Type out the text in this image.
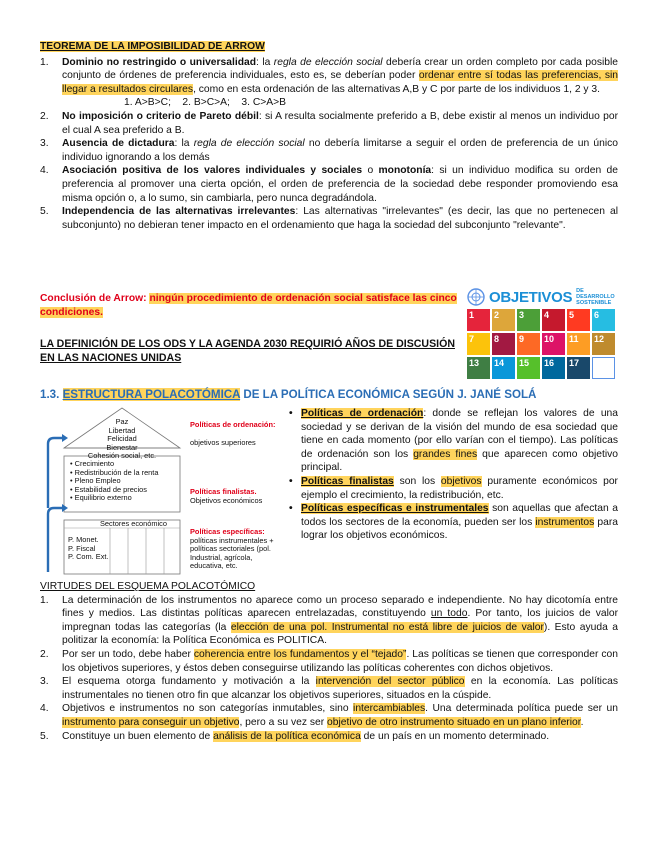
TEOREMA DE LA IMPOSIBILIDAD DE ARROW
1. Dominio no restringido o universalidad: la regla de elección social debería crear un orden completo por cada posible conjunto de órdenes de preferencia individuales, esto es, se deberían poder ordenar entre sí todas las preferencias, sin llegar a resultados circulares, como en esta ordenación de las alternativas A,B y C por parte de los individuos 1, 2 y 3.
1. A>B>C; 2. B>C>A; 3. C>A>B
2. No imposición o criterio de Pareto débil: si A resulta socialmente preferido a B, debe existir al menos un individuo por el cual A sea preferido a B.
3. Ausencia de dictadura: la regla de elección social no debería limitarse a seguir el orden de preferencia de un único individuo ignorando a los demás
4. Asociación positiva de los valores individuales y sociales o monotonía: si un individuo modifica su orden de preferencia al promover una cierta opción, el orden de preferencia de la sociedad debe responder promoviendo esa misma opción o, a lo sumo, sin cambiarla, pero nunca degradándola.
5. Independencia de las alternativas irrelevantes: Las alternativas "irrelevantes" (es decir, las que no pertenecen al subconjunto) no debieran tener impacto en el ordenamiento que haga la sociedad del subconjunto "relevante".
Conclusión de Arrow: ningún procedimiento de ordenación social satisface las cinco condiciones.
LA DEFINICIÓN DE LOS ODS Y LA AGENDA 2030 REQUIRIÓ AÑOS DE DISCUSIÓN EN LAS NACIONES UNIDAS
OBJETIVOS DE DESARROLLO SOSTENIBLE
1	2	3	4	5	6
7	8	9	10	11	12
13	14	15	16	17
1.3. ESTRUCTURA POLACOTÓMICA DE LA POLÍTICA ECONÓMICA SEGÚN J. JANÉ SOLÁ
Paz
Libertad
Felicidad
Bienestar
Cohesión social, etc.
• Crecimiento
• Redistribución de la renta
• Pleno Empleo
• Estabilidad de precios
• Equilibrio externo
Sectores económico
P. Monet.
P. Fiscal
P. Com. Ext.
Políticas de ordenación: objetivos superiores
Políticas finalistas.
Objetivos económicos
Políticas específicas:
políticas instrumentales + políticas sectoriales (pol. Industrial, agrícola, educativa, etc.
• Políticas de ordenación: donde se reflejan los valores de una sociedad y se derivan de la visión del mundo de esa sociedad que tiene en cada momento (por ello varían con el tiempo). Las políticas de ordenación son los grandes fines que aparecen como objetivo principal.
• Políticas finalistas son los objetivos puramente económicos por ejemplo el crecimiento, la redistribución, etc.
• Políticas específicas e instrumentales son aquellas que afectan a todos los sectores de la economía, pueden ser los instrumentos para lograr los objetivos económicos.
VIRTUDES DEL ESQUEMA POLACOTÓMICO
1. La determinación de los instrumentos no aparece como un proceso separado e independiente. No hay dicotomía entre fines y medios. Las distintas políticas aparecen entrelazadas, constituyendo un todo. Por tanto, los juicios de valor impregnan todas las categorías (la elección de una pol. Instrumental no está libre de juicios de valor). Esto ayuda a politizar la economía: la Política Económica es POLITICA.
2. Por ser un todo, debe haber coherencia entre los fundamentos y el “tejado”. Las políticas se tienen que corresponder con los objetivos superiores, y éstos deben conseguirse utilizando las políticas coherentes con dichos objetivos.
3. El esquema otorga fundamento y motivación a la intervención del sector público en la economía. Las políticas instrumentales no tienen otro fin que alcanzar los objetivos superiores, situados en la cúspide.
4. Objetivos e instrumentos no son categorías inmutables, sino intercambiables. Una determinada política puede ser un instrumento para conseguir un objetivo, pero a su vez ser objetivo de otro instrumento situado en un plano inferior.
5. Constituye un buen elemento de análisis de la política económica de un país en un momento determinado.
